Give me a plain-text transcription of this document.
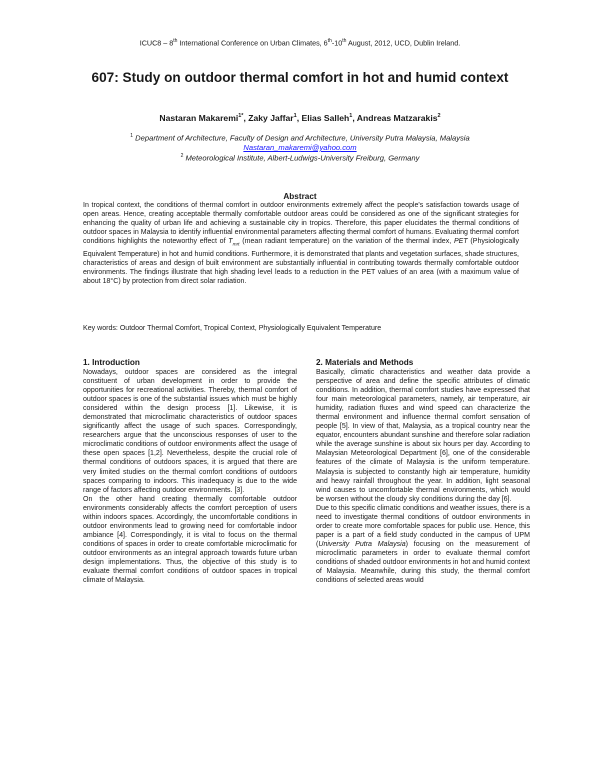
ICUC8 – 8th International Conference on Urban Climates, 6th-10th August, 2012, UCD, Dublin Ireland.
607: Study on outdoor thermal comfort in hot and humid context
Nastaran Makaremi$^{1*}$, Zaky Jaffar$^1$, Elias Salleh$^1$, Andreas Matzarakis$^2$
$^1$ Department of Architecture, Faculty of Design and Architecture, University Putra Malaysia, Malaysia
Nastaran_makaremi@yahoo.com
$^2$ Meteorological Institute, Albert-Ludwigs-University Freiburg, Germany
Abstract

In tropical context, the conditions of thermal comfort in outdoor environments extremely affect the people's satisfaction towards usage of open areas. Hence, creating acceptable thermally comfortable outdoor areas could be considered as one of the significant strategies for enhancing the quality of urban life and achieving a sustainable city in tropics. Therefore, this paper elucidates the thermal conditions of outdoor spaces in Malaysia to identify influential environmental parameters affecting thermal comfort of humans. Evaluating thermal comfort conditions highlights the noteworthy effect of $T_{mrt}$ (mean radiant temperature) on the variation of the thermal index, PET (Physiologically Equivalent Temperature) in hot and humid conditions. Furthermore, it is demonstrated that plants and vegetation surfaces, shade structures, characteristics of areas and design of built environment are substantially influential in contributing towards thermally comfortable outdoor environments. The findings illustrate that high shading level leads to a reduction in the PET values of an area (with a maximum value of about 18°C) by protection from direct solar radiation.

Key words: Outdoor Thermal Comfort, Tropical Context, Physiologically Equivalent Temperature
1. Introduction

Nowadays, outdoor spaces are considered as the integral constituent of urban development in order to provide the opportunities for recreational activities. Thereby, thermal comfort of outdoor spaces is one of the substantial issues which must be highly considered within the design process [1]. Likewise, it is demonstrated that microclimatic characteristics of outdoor spaces significantly affect the usage of such spaces. Correspondingly, researchers argue that the unconscious responses of user to the microclimatic conditions of outdoor environments affect the usage of these open spaces [1,2]. Nevertheless, despite the crucial role of thermal conditions of outdoors spaces, it is argued that there are very limited studies on the thermal comfort conditions of outdoors spaces comparing to indoors. This inadequacy is due to the wide range of factors affecting outdoor environments. [3].

On the other hand creating thermally comfortable outdoor environments considerably affects the comfort perception of users within indoors spaces. Accordingly, the uncomfortable conditions in outdoor environments lead to growing need for comfortable indoor ambiance [4]. Correspondingly, it is vital to focus on the thermal conditions of spaces in order to create comfortable microclimatic for outdoor environments as an integral approach towards future urban design implementations. Thus, the objective of this study is to evaluate thermal comfort conditions of outdoor spaces in tropical climate of Malaysia.

2. Materials and Methods

Basically, climatic characteristics and weather data provide a perspective of area and define the specific attributes of climatic conditions. In addition, thermal comfort studies have expressed that four main meteorological parameters, namely, air temperature, air humidity, radiation fluxes and wind speed can characterize the thermal environment and influence thermal comfort sensation of people [5]. In view of that, Malaysia, as a tropical country near the equator, encounters abundant sunshine and therefore solar radiation while the average sunshine is about six hours per day. According to Malaysian Meteorological Department [6], one of the considerable features of the climate of Malaysia is the uniform temperature. Malaysia is subjected to constantly high air temperature, humidity and heavy rainfall throughout the year. In addition, light seasonal wind causes to uncomfortable thermal environments, which would be worsen without the cloudy sky conditions during the day [6].

Due to this specific climatic conditions and weather issues, there is a need to investigate thermal conditions of outdoor environments in order to create more comfortable spaces for public use. Hence, this paper is a part of a field study conducted in the campus of UPM (University Putra Malaysia) focusing on the measurement of microclimatic parameters in order to evaluate thermal comfort conditions of shaded outdoor environments in hot and humid context of Malaysia. Meanwhile, during this study, the thermal comfort conditions of selected areas would
